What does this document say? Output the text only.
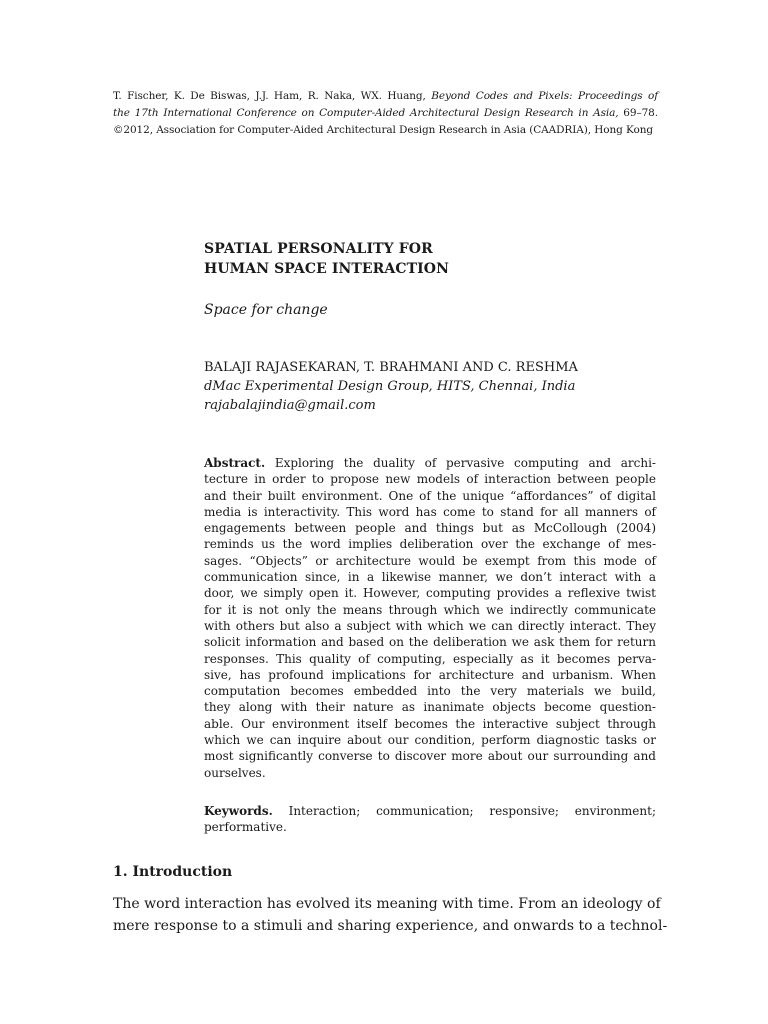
T. Fischer, K. De Biswas, J.J. Ham, R. Naka, WX. Huang, Beyond Codes and Pixels: Proceedings of
the 17th International Conference on Computer-Aided Architectural Design Research in Asia, 69–78.
©2012, Association for Computer-Aided Architectural Design Research in Asia (CAADRIA), Hong Kong
SPATIAL PERSONALITY FOR
HUMAN SPACE INTERACTION
Space for change
BALAJI RAJASEKARAN, T. BRAHMANI AND C. RESHMA
dMac Experimental Design Group, HITS, Chennai, India
rajabalajindia@gmail.com
Abstract. Exploring the duality of pervasive computing and archi-
tecture in order to propose new models of interaction between people
and their built environment. One of the unique “affordances” of digital
media is interactivity. This word has come to stand for all manners of
engagements between people and things but as McCollough (2004)
reminds us the word implies deliberation over the exchange of mes-
sages. “Objects” or architecture would be exempt from this mode of
communication since, in a likewise manner, we don’t interact with a
door, we simply open it. However, computing provides a reflexive twist
for it is not only the means through which we indirectly communicate
with others but also a subject with which we can directly interact. They
solicit information and based on the deliberation we ask them for return
responses. This quality of computing, especially as it becomes perva-
sive, has profound implications for architecture and urbanism. When
computation becomes embedded into the very materials we build,
they along with their nature as inanimate objects become question-
able. Our environment itself becomes the interactive subject through
which we can inquire about our condition, perform diagnostic tasks or
most significantly converse to discover more about our surrounding and
ourselves.
Keywords. Interaction; communication; responsive; environment;
performative.
1. Introduction
The word interaction has evolved its meaning with time. From an ideology of
mere response to a stimuli and sharing experience, and onwards to a technol-
